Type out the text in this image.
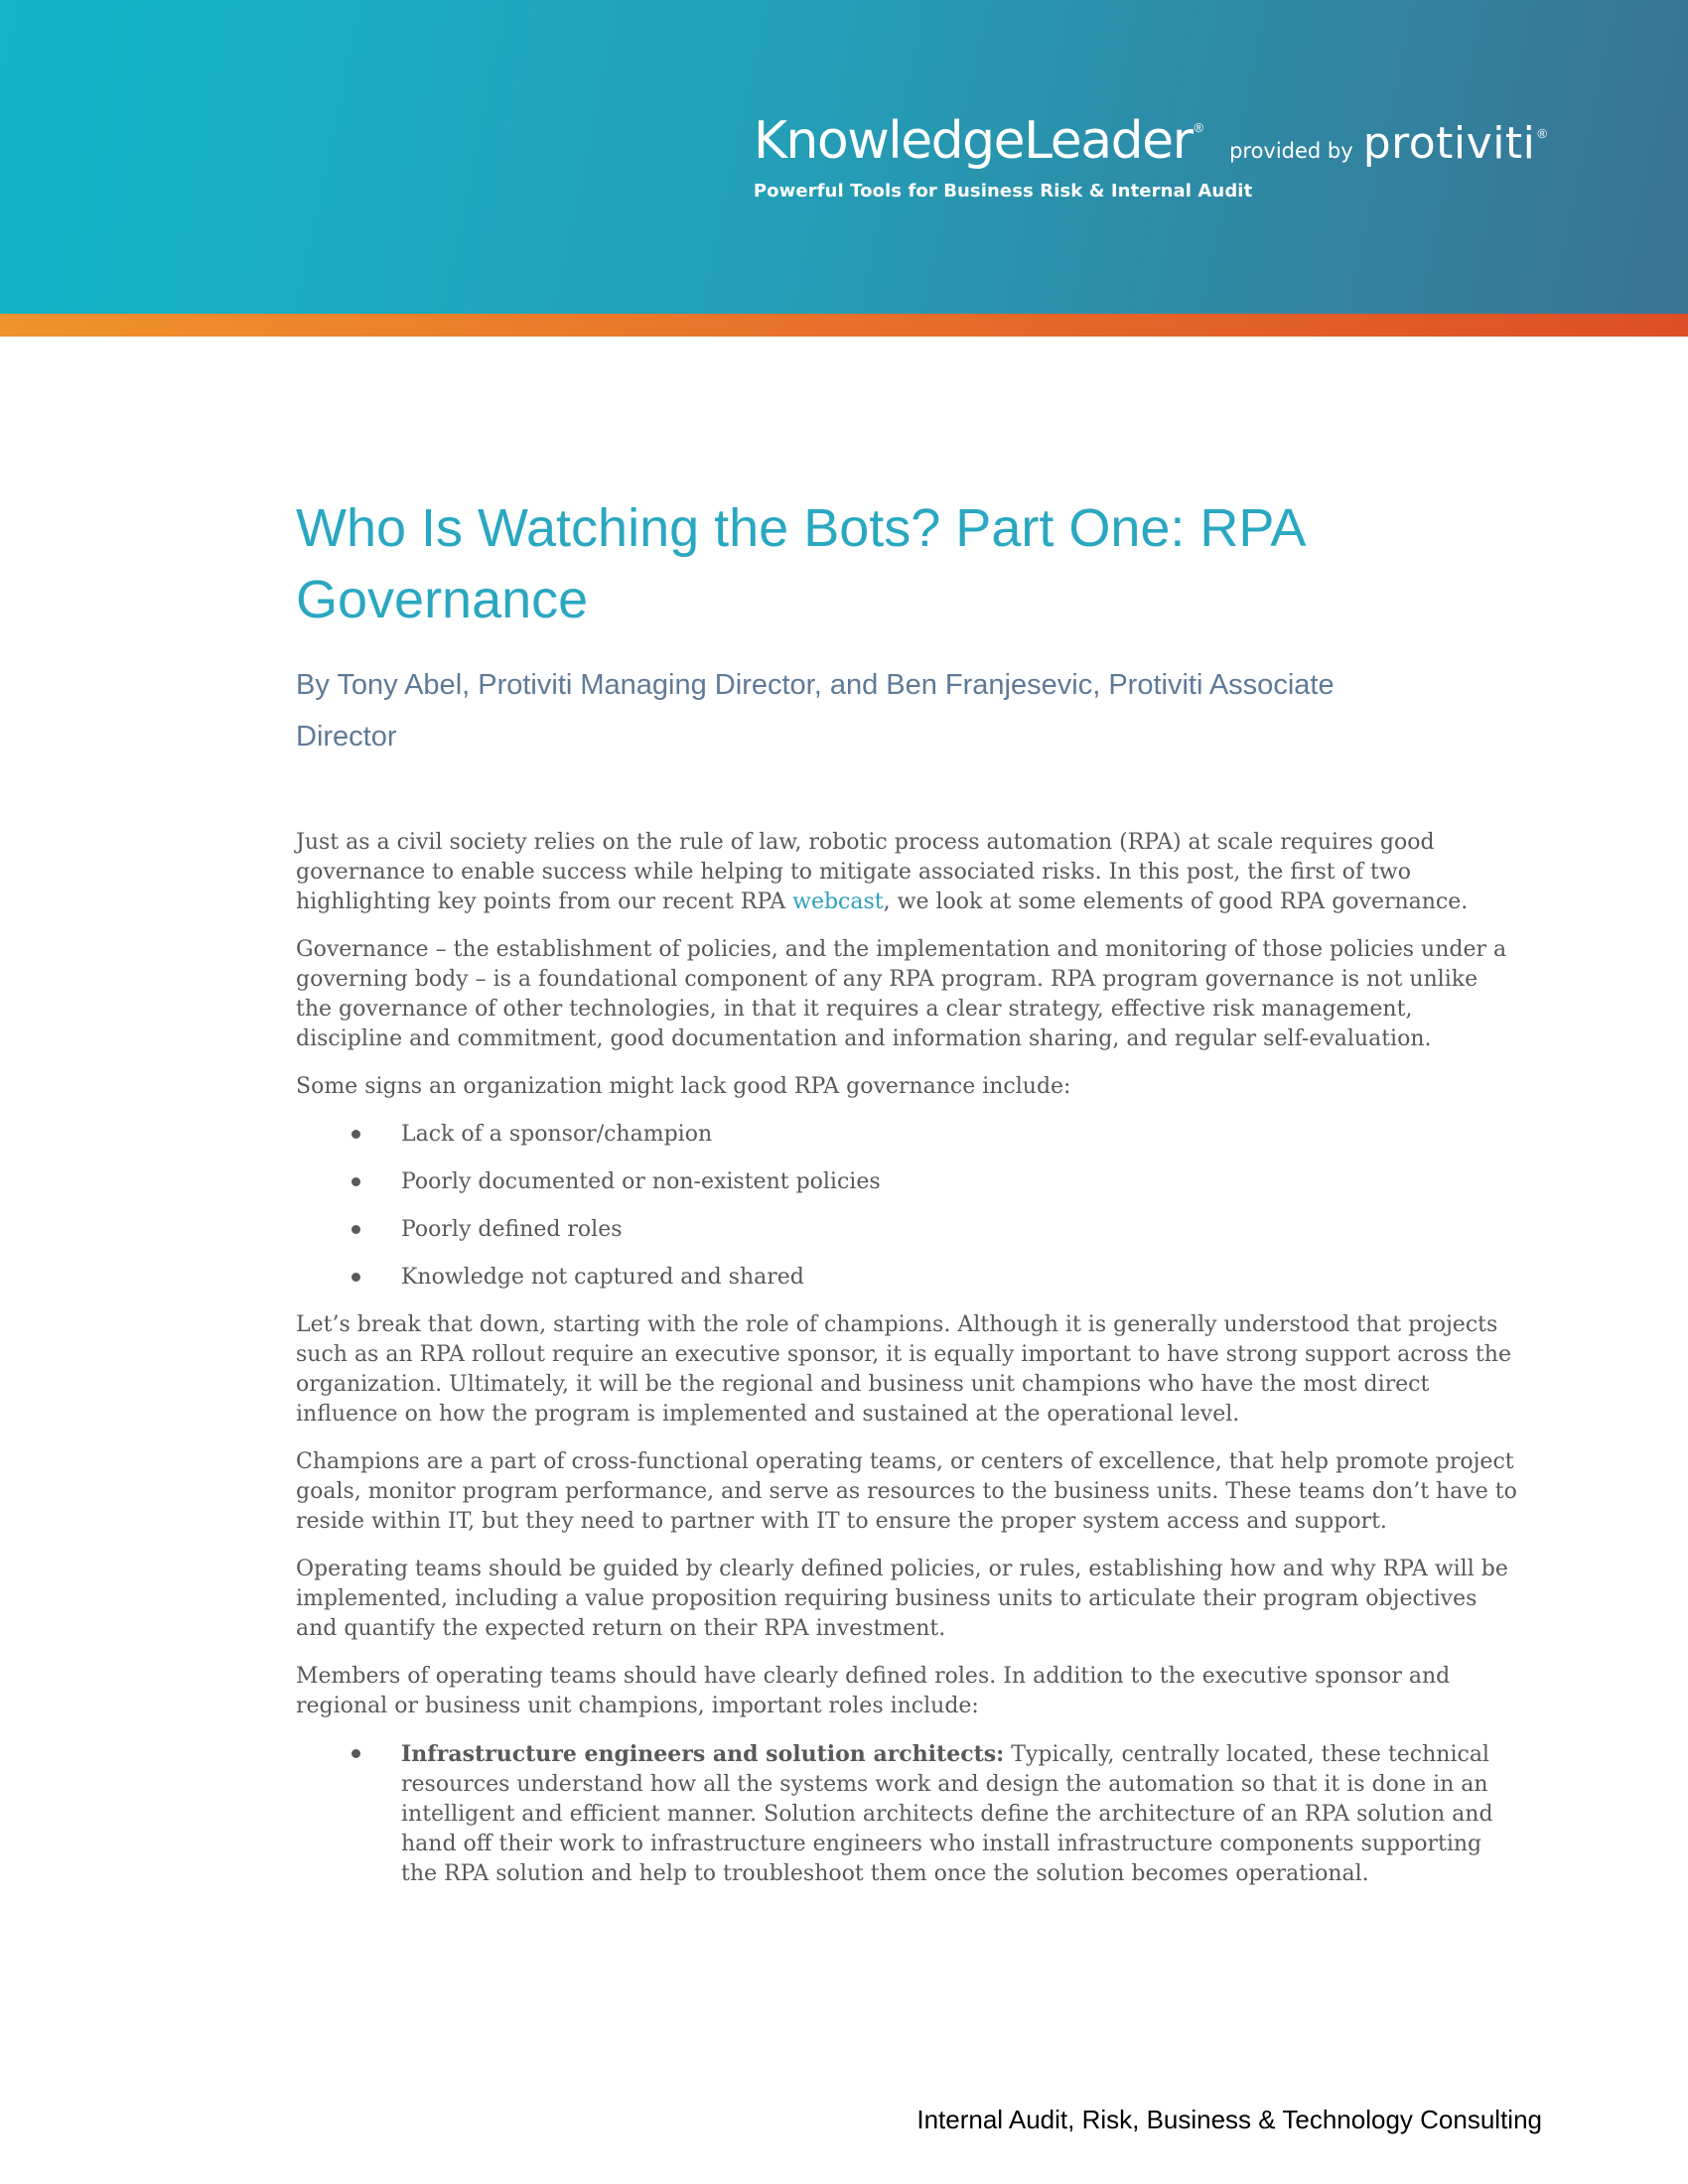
KnowledgeLeader ®
provided by protiviti ®
Powerful Tools for Business Risk & Internal Audit
Who Is Watching the Bots? Part One: RPA Governance

By Tony Abel, Protiviti Managing Director, and Ben Franjesevic, Protiviti Associate Director

Just as a civil society relies on the rule of law, robotic process automation (RPA) at scale requires good governance to enable success while helping to mitigate associated risks. In this post, the first of two highlighting key points from our recent RPA webcast, we look at some elements of good RPA governance.

Governance – the establishment of policies, and the implementation and monitoring of those policies under a governing body – is a foundational component of any RPA program. RPA program governance is not unlike the governance of other technologies, in that it requires a clear strategy, effective risk management, discipline and commitment, good documentation and information sharing, and regular self-evaluation.

Some signs an organization might lack good RPA governance include:

Lack of a sponsor/champion
Poorly documented or non-existent policies
Poorly defined roles
Knowledge not captured and shared

Let’s break that down, starting with the role of champions. Although it is generally understood that projects such as an RPA rollout require an executive sponsor, it is equally important to have strong support across the organization. Ultimately, it will be the regional and business unit champions who have the most direct influence on how the program is implemented and sustained at the operational level.

Champions are a part of cross-functional operating teams, or centers of excellence, that help promote project goals, monitor program performance, and serve as resources to the business units. These teams don’t have to reside within IT, but they need to partner with IT to ensure the proper system access and support.

Operating teams should be guided by clearly defined policies, or rules, establishing how and why RPA will be implemented, including a value proposition requiring business units to articulate their program objectives and quantify the expected return on their RPA investment.

Members of operating teams should have clearly defined roles. In addition to the executive sponsor and regional or business unit champions, important roles include:

Infrastructure engineers and solution architects: Typically, centrally located, these technical resources understand how all the systems work and design the automation so that it is done in an intelligent and efficient manner. Solution architects define the architecture of an RPA solution and hand off their work to infrastructure engineers who install infrastructure components supporting the RPA solution and help to troubleshoot them once the solution becomes operational.
Internal Audit, Risk, Business & Technology Consulting
